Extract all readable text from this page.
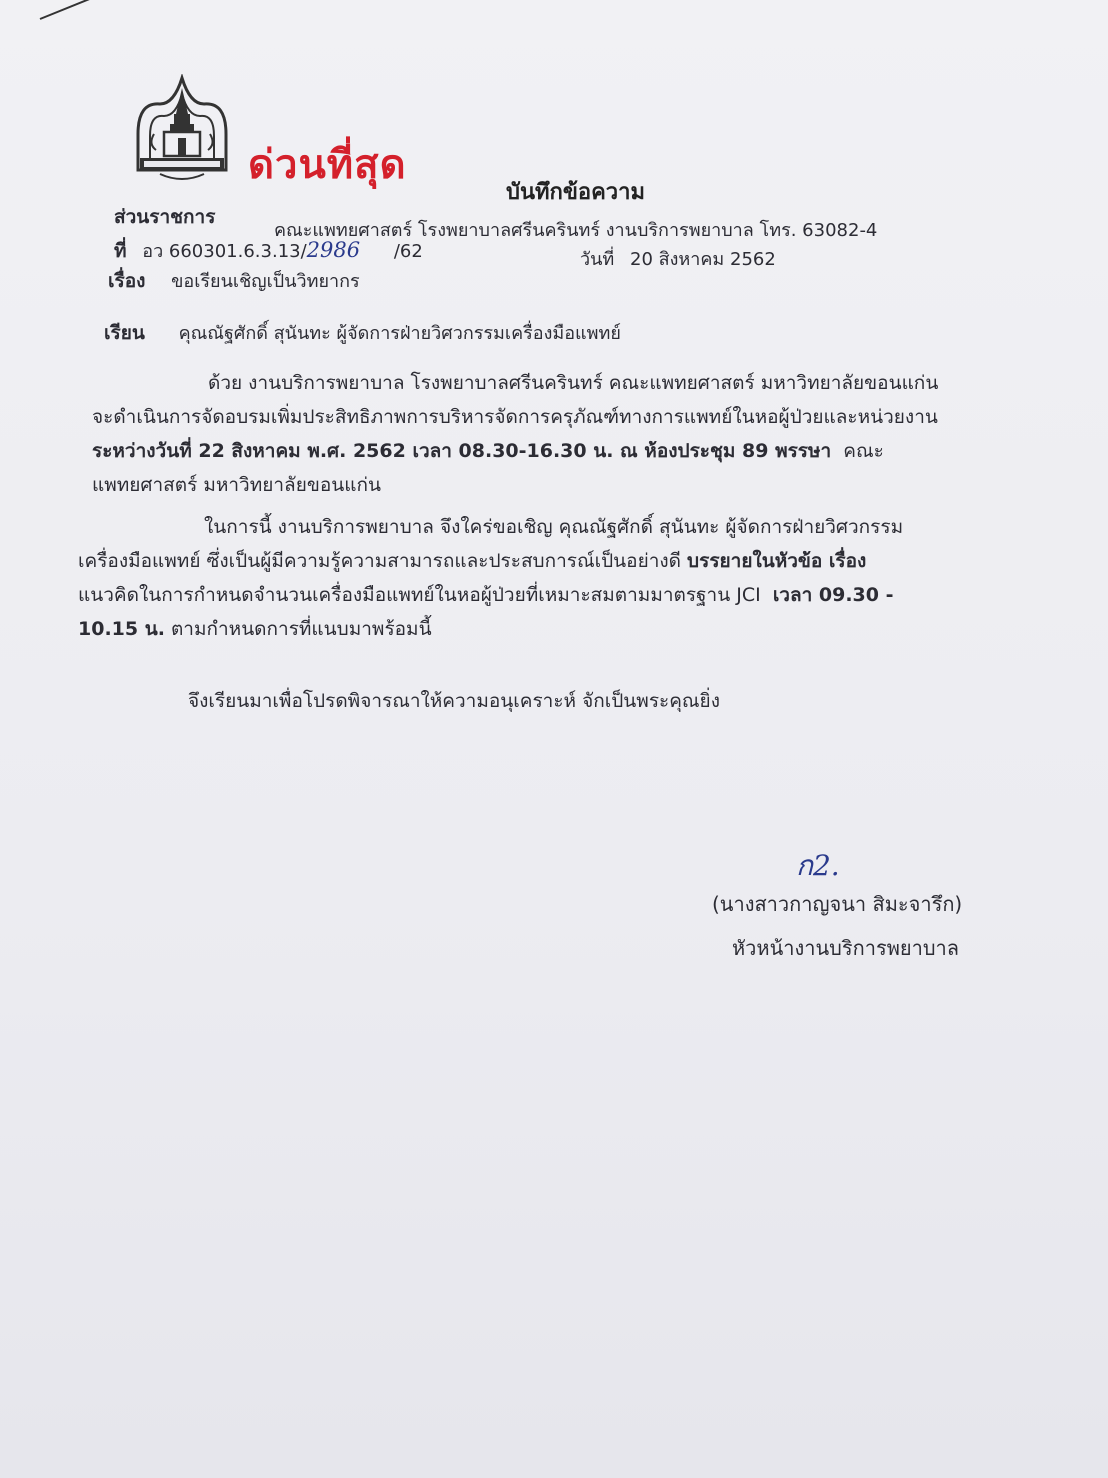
ด่วนที่สุด
บันทึกข้อความ
ส่วนราชการ
คณะแพทยศาสตร์ โรงพยาบาลศรีนครินทร์ งานบริการพยาบาล โทร. 63082-4
ที่ อว 660301.6.3.13/2986 /62	วันที่ 20 สิงหาคม 2562
เรื่อง ขอเรียนเชิญเป็นวิทยากร
เรียน คุณณัฐศักดิ์ สุนันทะ ผู้จัดการฝ่ายวิศวกรรมเครื่องมือแพทย์
ด้วย งานบริการพยาบาล โรงพยาบาลศรีนครินทร์ คณะแพทยศาสตร์ มหาวิทยาลัยขอนแก่น
จะดำเนินการจัดอบรมเพิ่มประสิทธิภาพการบริหารจัดการครุภัณฑ์ทางการแพทย์ในหอผู้ป่วยและหน่วยงาน
ระหว่างวันที่ 22 สิงหาคม พ.ศ. 2562 เวลา 08.30-16.30 น. ณ ห้องประชุม 89 พรรษา คณะ
แพทยศาสตร์ มหาวิทยาลัยขอนแก่น
ในการนี้ งานบริการพยาบาล จึงใคร่ขอเชิญ คุณณัฐศักดิ์ สุนันทะ ผู้จัดการฝ่ายวิศวกรรม
เครื่องมือแพทย์ ซึ่งเป็นผู้มีความรู้ความสามารถและประสบการณ์เป็นอย่างดี บรรยายในหัวข้อ เรื่อง
แนวคิดในการกำหนดจำนวนเครื่องมือแพทย์ในหอผู้ป่วยที่เหมาะสมตามมาตรฐาน JCI เวลา 09.30 -
10.15 น. ตามกำหนดการที่แนบมาพร้อมนี้
จึงเรียนมาเพื่อโปรดพิจารณาให้ความอนุเคราะห์ จักเป็นพระคุณยิ่ง
ก2.
(นางสาวกาญจนา สิมะจารึก)
หัวหน้างานบริการพยาบาล
